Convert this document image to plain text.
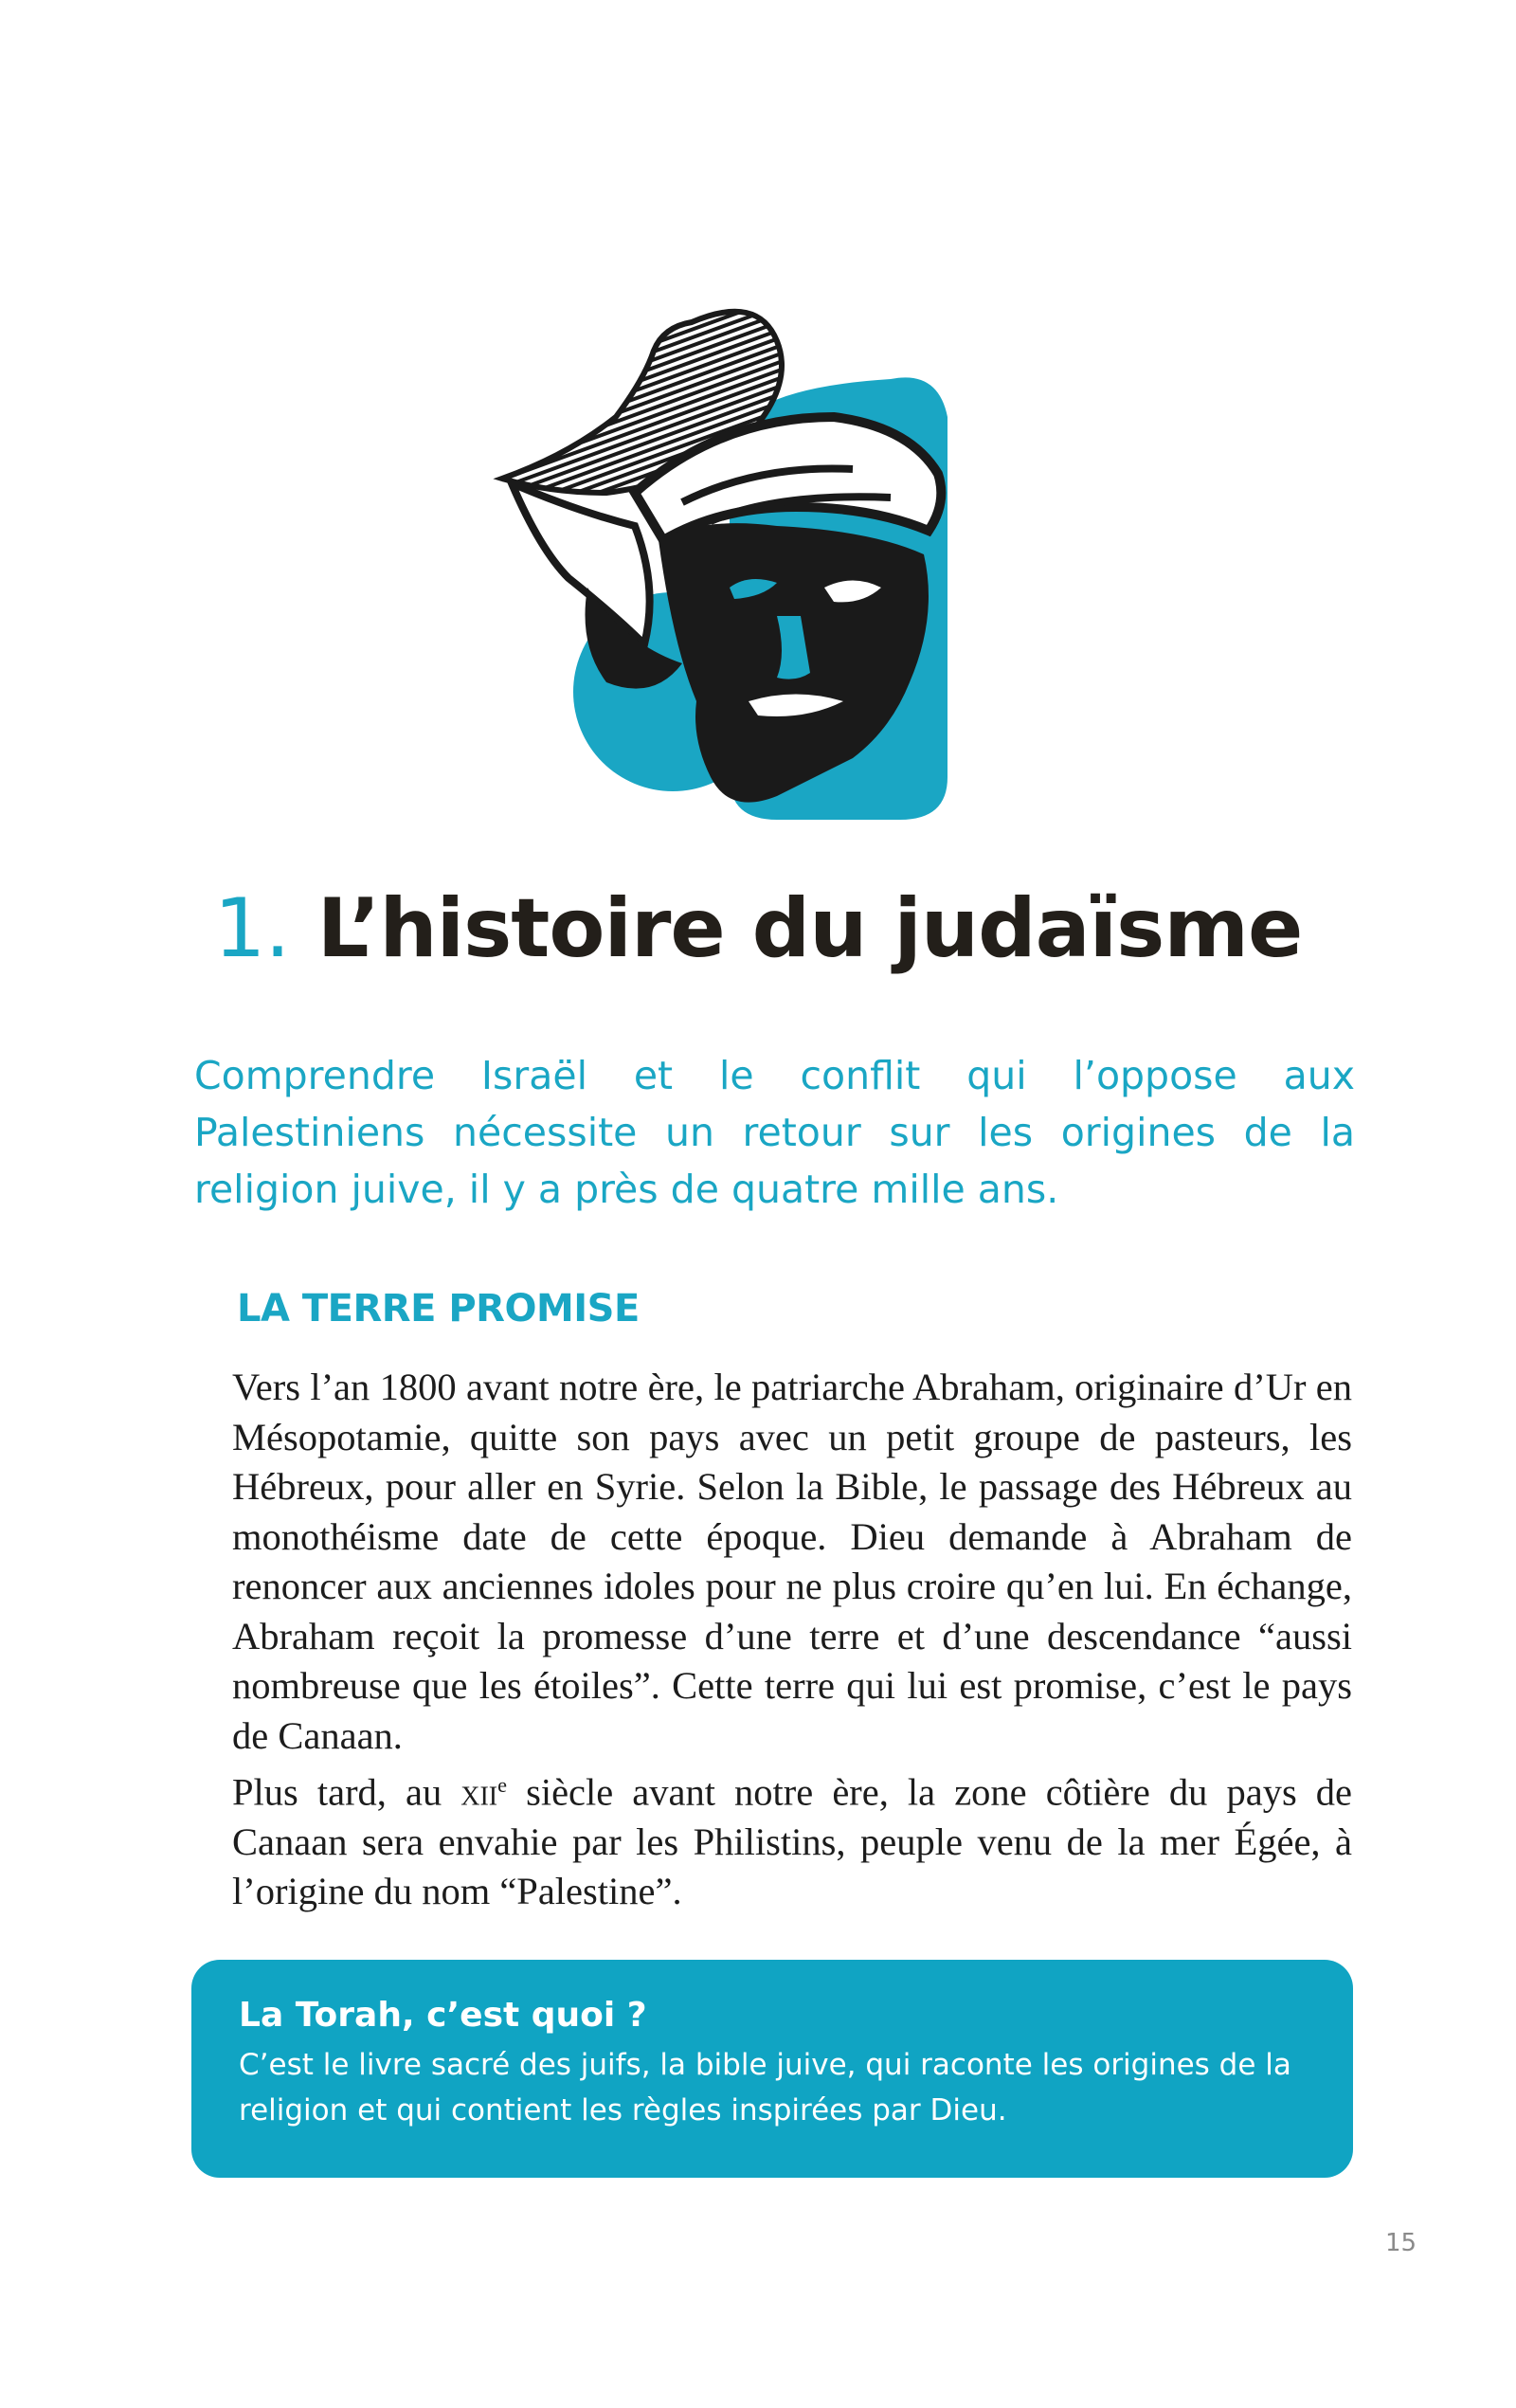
1. L’histoire du judaïsme

Comprendre Israël et le conflit qui l’oppose aux Palestiniens nécessite un retour sur les origines de la religion juive, il y a près de quatre mille ans.

LA TERRE PROMISE

Vers l’an 1800 avant notre ère, le patriarche Abraham, originaire d’Ur en Mésopotamie, quitte son pays avec un petit groupe de pasteurs, les Hébreux, pour aller en Syrie. Selon la Bible, le passage des Hébreux au monothéisme date de cette époque. Dieu demande à Abraham de renoncer aux anciennes idoles pour ne plus croire qu’en lui. En échange, Abraham reçoit la promesse d’une terre et d’une descendance “aussi nombreuse que les étoiles”. Cette terre qui lui est promise, c’est le pays de Canaan.

Plus tard, au xii$^e$ siècle avant notre ère, la zone côtière du pays de Canaan sera envahie par les Philistins, peuple venu de la mer Égée, à l’origine du nom “Palestine”.

La Torah, c’est quoi ?

C’est le livre sacré des juifs, la bible juive, qui raconte les origines de la religion et qui contient les règles inspirées par Dieu.

15
